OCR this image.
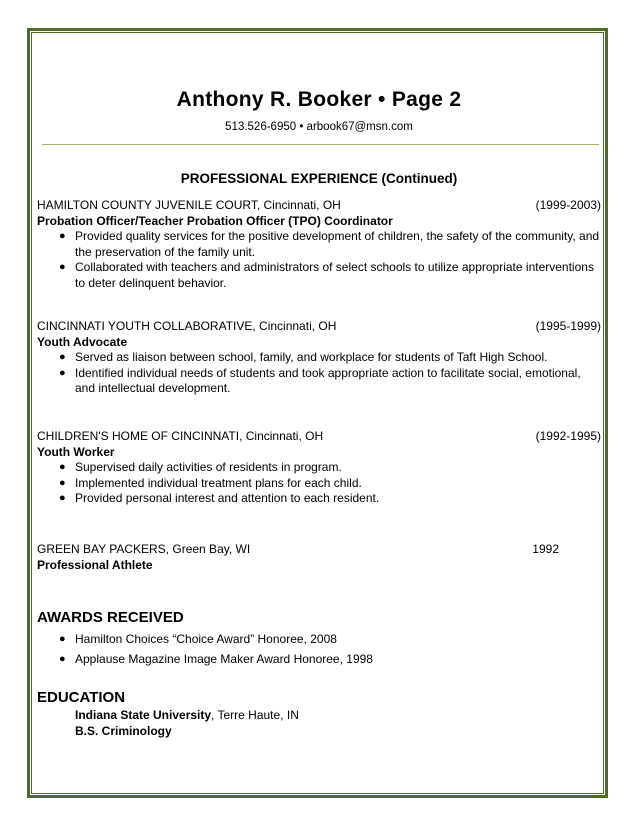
Anthony R. Booker • Page 2
513.526-6950 • arbook67@msn.com
PROFESSIONAL EXPERIENCE (Continued)
HAMILTON COUNTY JUVENILE COURT, Cincinnati, OH	(1999-2003)
Probation Officer/Teacher Probation Officer (TPO) Coordinator
● Provided quality services for the positive development of children, the safety of the community, and the preservation of the family unit.
● Collaborated with teachers and administrators of select schools to utilize appropriate interventions to deter delinquent behavior.
CINCINNATI YOUTH COLLABORATIVE, Cincinnati, OH	(1995-1999)
Youth Advocate
● Served as liaison between school, family, and workplace for students of Taft High School.
● Identified individual needs of students and took appropriate action to facilitate social, emotional, and intellectual development.
CHILDREN'S HOME OF CINCINNATI, Cincinnati, OH	(1992-1995)
Youth Worker
● Supervised daily activities of residents in program.
● Implemented individual treatment plans for each child.
● Provided personal interest and attention to each resident.
GREEN BAY PACKERS, Green Bay, WI	1992
Professional Athlete
AWARDS RECEIVED
● Hamilton Choices “Choice Award” Honoree, 2008
● Applause Magazine Image Maker Award Honoree, 1998
EDUCATION
Indiana State University, Terre Haute, IN
B.S. Criminology
